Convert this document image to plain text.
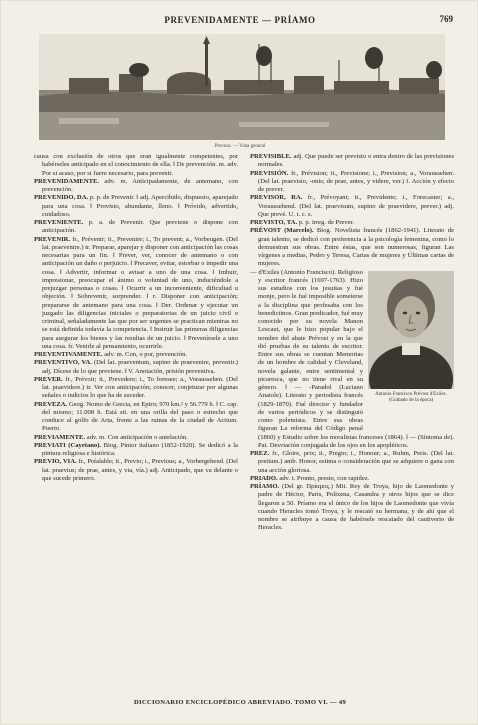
PREVENIDAMENTE — PRÍAMO	769
Preveza. — Vista general

causa con exclusión de otros que eran igualmente competentes, por habérseles anticipado en el conocimiento de ella. ‖ De prevención. m. adv. Por si acaso, por si fuere necesario, para prevenir.

PREVENIDAMENTE. adv. m. Anticipadamente, de antemano, con prevención.

PREVENIDO, DA. p. p. de Prevenir. ‖ adj. Apercibido, dispuesto, aparejado para una cosa. ‖ Provisto, abundante, lleno. ‖ Próvido, advertido, cuidadoso.

PREVENIENTE. p. a. de Prevenir. Que previene o dispone con anticipación.

PREVENIR. fr., Prévenir; it., Prevenire; i., To prevent; a., Vorbeugen. (Del lat. praevenire.) tr. Preparar, aparejar y disponer con anticipación las cosas necesarias para un fin. ‖ Prever, ver, conocer de antemano o con anticipación un daño o perjuicio. ‖ Precaver, evitar, estorbar o impedir una cosa. ‖ Advertir, informar o avisar a uno de una cosa. ‖ Imbuir, impresionar, preocupar el ánimo o voluntad de uno, induciéndole a prejuzgar personas o cosas. ‖ Ocurrir a un inconveniente, dificultad u objeción. ‖ Sobrevenir, sorprender. ‖ r. Disponer con anticipación; prepararse de antemano para una cosa. ‖ Der. Ordenar y ejecutar un juzgado las diligencias iniciales o preparatorias de un juicio civil o criminal, señaladamente las que por ser urgentes se practican mientras no se está definida todavía la competencia. ‖ Instruir las primeras diligencias para asegurar los bienes y las resultas de un juicio. ‖ Prevenírsele a uno una cosa. fr. Venirle al pensamiento, ocurrirle.

PREVENTIVAMENTE. adv. m. Con, o por, prevención.

PREVENTIVO, VA. (Del lat. praeventum, supino de praevenire, prevenir.) adj. Dícese de lo que previene. ‖ V. Anotación, prisión preventiva.

PREVER. fr., Prévoir; it., Prevedere; i., To foresee; a., Voraussehen. (Del lat. praevidere.) tr. Ver con anticipación; conocer, conjeturar por algunas señales o indicios lo que ha de suceder.

PREVEZA. Geog. Nomo de Grecia, en Epiro; 970 km.² y 56.779 h. ‖ C. cap. del mismo; 11.008 h. Está sit. en una orilla del paso o estrecho que conduce al golfo de Arta, frente a las ruinas de la ciudad de Actium. Puerto.

PREVIAMENTE. adv. m. Con anticipación o antelación.

PREVIATI (Cayetano). Biog. Pintor italiano (1852-1920). Se dedicó a la pintura religiosa e histórica.

PREVIO, VIA. fr., Préalable; it., Previo; i., Previous; a., Vorhergehend. (Del lat. praevius; de prae, antes, y via, vía.) adj. Anticipado, que va delante o que sucede primero.

PREVISIBLE. adj. Que puede ser previsto o entra dentro de las previsiones normales.

PREVISIÓN. fr., Prévision; it., Previsione; i., Prevision; a., Voraussehen. (Del lat. praevisio, -onis; de prae, antes, y videre, ver.) f. Acción y efecto de prever.

PREVISOR, RA. fr., Prévoyant; it., Previdente; i., Forecaster; a., Voraussehend. (Del lat. praevisum, supino de praevidere, prever.) adj. Que prevé. U. t. c. s.

PREVISTO, TA. p. p. irreg. de Prever.

PRÉVOST (Marcelo). Biog. Novelista francés (1862-1941). Literato de gran talento, se dedicó con preferencia a la psicología femenina, como lo demuestran sus obras. Entre éstas, que son numerosas, figuran Las vírgenes a medias, Pedro y Teresa, Cartas de mujeres y Últimas cartas de mujeres.

Antonio Francisco Prévost d'Exiles. (Grabado de la época)

— d'Exiles (Antonio Francisco). Religioso y escritor francés (1697-1763). Hizo sus estudios con los jesuitas y fué monje, pero le fué imposible someterse a la disciplina que profesaba con los benedictinos. Gran predicador, fué muy conocido por su novela Manon Lescaut, que le hizo popular bajo el nombre del abate Prévost y en la que dió pruebas de su talento de escritor. Entre sus obras se cuentan Memorias de un hombre de calidad y Cleveland, novela galante, entre sentimental y picaresca, que no tiene rival en su género. ‖ — -Paradol (Luciano Anatole). Literato y periodista francés (1829-1870). Fué director y fundador de varios periódicos y se distinguió como polemista. Entre sus obras figuran La reforma del Código penal (1860) y Estudio sobre los moralistas franceses (1864). ‖ — (Síntoma de). Pat. Desviación conjugada de los ojos en los apopléticos.

PREZ. fr., Gloire, prix; it., Pregio; i., Honour; a., Ruhm, Preis. (Del lat. pretium.) amb. Honor, estima o consideración que se adquiere o gana con una acción gloriosa.

PRIADO. adv. t. Pronto, presto, con rapidez.

PRÍAMO. (Del gr. Πρίαμος.) Mit. Rey de Troya, hijo de Laomedonte y padre de Héctor, Paris, Polixena, Casandra y otros hijos que se dice llegaron a 50. Príamo era el único de los hijos de Laomedonte que vivía cuando Heracles tomó Troya, y le rescató su hermana, y de ahí que el nombre se atribuye a causa de habérsele rescatado del cautiverio de Heracles.

DICCIONARIO ENCICLOPÉDICO ABREVIADO. TOMO VI. — 49
